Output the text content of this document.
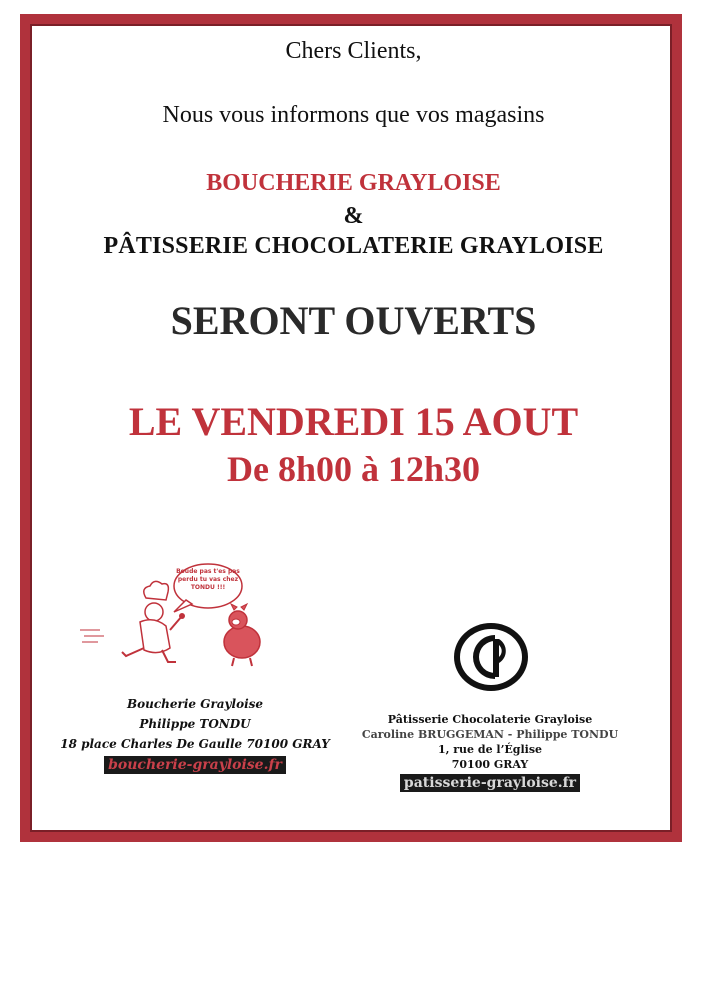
Chers Clients,
Nous vous informons que vos magasins
BOUCHERIE GRAYLOISE
&
PÂTISSERIE CHOCOLATERIE GRAYLOISE
SERONT OUVERTS
LE VENDREDI 15 AOUT
De 8h00 à 12h30
Boude pas t'es pas perdu tu vas chez TONDU !!!
Boucherie Grayloise
Philippe TONDU
18 place Charles De Gaulle 70100 GRAY
boucherie-grayloise.fr
Pâtisserie Chocolaterie Grayloise
Caroline BRUGGEMAN - Philippe TONDU
1, rue de l’Église
70100 GRAY
patisserie-grayloise.fr
